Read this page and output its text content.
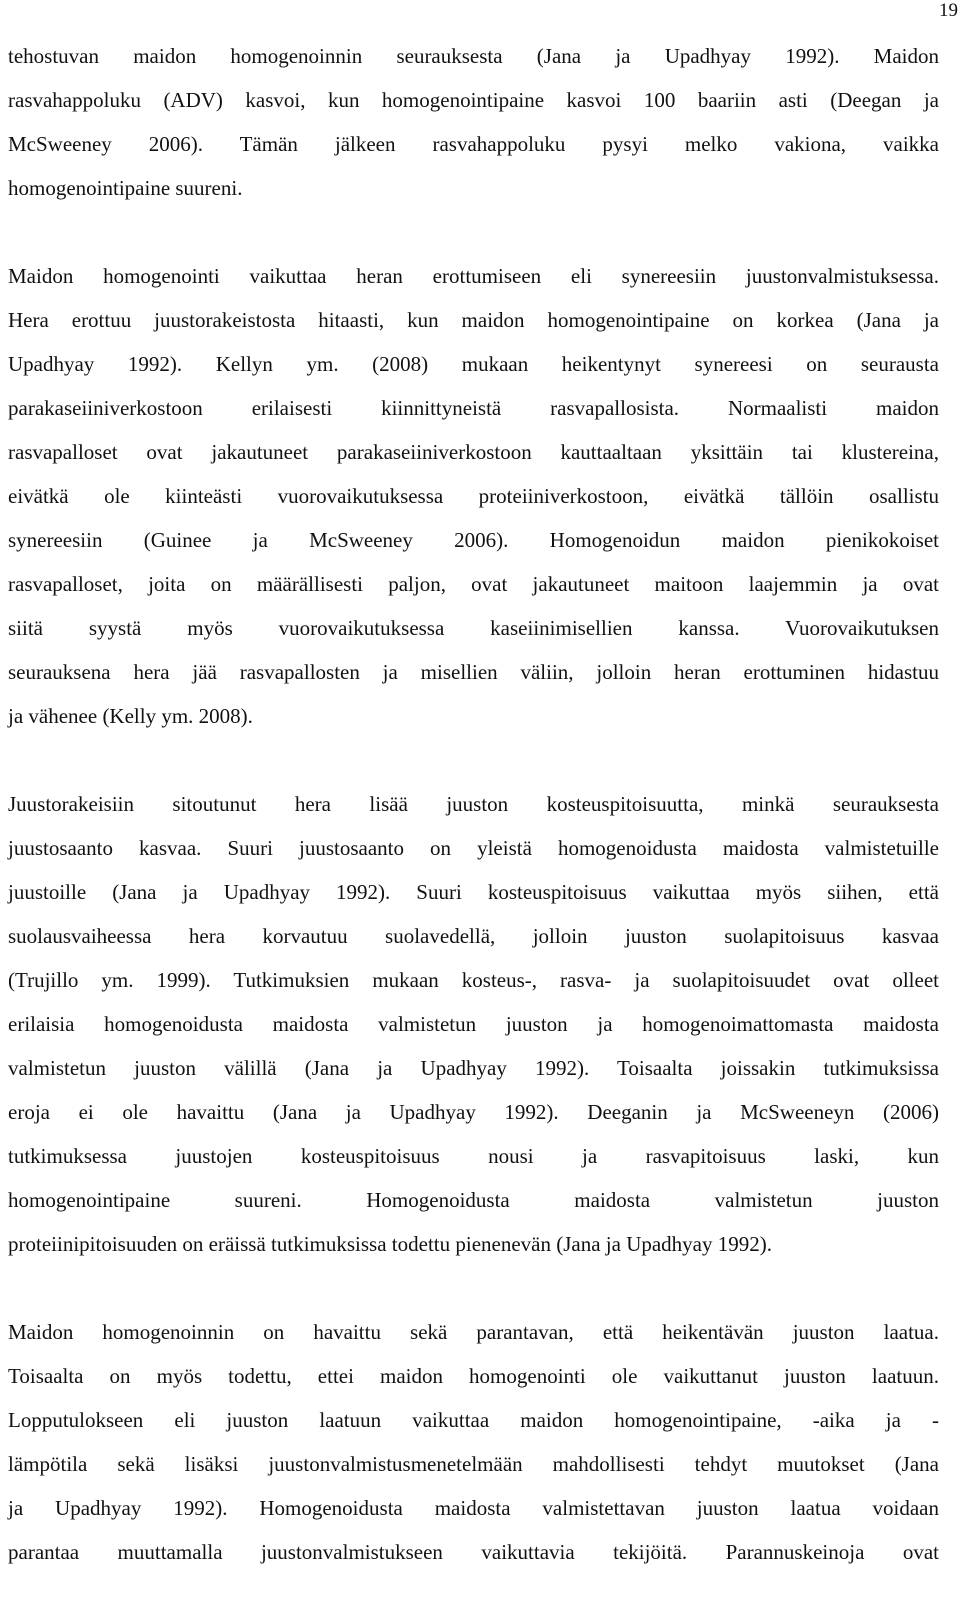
19

tehostuvan maidon homogenoinnin seurauksesta (Jana ja Upadhyay 1992). Maidon
rasvahappoluku (ADV) kasvoi, kun homogenointipaine kasvoi 100 baariin asti (Deegan ja
McSweeney 2006). Tämän jälkeen rasvahappoluku pysyi melko vakiona, vaikka
homogenointipaine suureni.

Maidon homogenointi vaikuttaa heran erottumiseen eli synereesiin juustonvalmistuksessa.
Hera erottuu juustorakeistosta hitaasti, kun maidon homogenointipaine on korkea (Jana ja
Upadhyay 1992). Kellyn ym. (2008) mukaan heikentynyt synereesi on seurausta
parakaseiiniverkostoon erilaisesti kiinnittyneistä rasvapallosista. Normaalisti maidon
rasvapalloset ovat jakautuneet parakaseiiniverkostoon kauttaaltaan yksittäin tai klustereina,
eivätkä ole kiinteästi vuorovaikutuksessa proteiiniverkostoon, eivätkä tällöin osallistu
synereesiin (Guinee ja McSweeney 2006). Homogenoidun maidon pienikokoiset
rasvapalloset, joita on määrällisesti paljon, ovat jakautuneet maitoon laajemmin ja ovat
siitä syystä myös vuorovaikutuksessa kaseiinimisellien kanssa. Vuorovaikutuksen
seurauksena hera jää rasvapallosten ja misellien väliin, jolloin heran erottuminen hidastuu
ja vähenee (Kelly ym. 2008).

Juustorakeisiin sitoutunut hera lisää juuston kosteuspitoisuutta, minkä seurauksesta
juustosaanto kasvaa. Suuri juustosaanto on yleistä homogenoidusta maidosta valmistetuille
juustoille (Jana ja Upadhyay 1992). Suuri kosteuspitoisuus vaikuttaa myös siihen, että
suolausvaiheessa hera korvautuu suolavedellä, jolloin juuston suolapitoisuus kasvaa
(Trujillo ym. 1999). Tutkimuksien mukaan kosteus-, rasva- ja suolapitoisuudet ovat olleet
erilaisia homogenoidusta maidosta valmistetun juuston ja homogenoimattomasta maidosta
valmistetun juuston välillä (Jana ja Upadhyay 1992). Toisaalta joissakin tutkimuksissa
eroja ei ole havaittu (Jana ja Upadhyay 1992). Deeganin ja McSweeneyn (2006)
tutkimuksessa juustojen kosteuspitoisuus nousi ja rasvapitoisuus laski, kun
homogenointipaine suureni. Homogenoidusta maidosta valmistetun juuston
proteiinipitoisuuden on eräissä tutkimuksissa todettu pienenevän (Jana ja Upadhyay 1992).

Maidon homogenoinnin on havaittu sekä parantavan, että heikentävän juuston laatua.
Toisaalta on myös todettu, ettei maidon homogenointi ole vaikuttanut juuston laatuun.
Lopputulokseen eli juuston laatuun vaikuttaa maidon homogenointipaine, -aika ja -
lämpötila sekä lisäksi juustonvalmistusmenetelmään mahdollisesti tehdyt muutokset (Jana
ja Upadhyay 1992). Homogenoidusta maidosta valmistettavan juuston laatua voidaan
parantaa muuttamalla juustonvalmistukseen vaikuttavia tekijöitä. Parannuskeinoja ovat
